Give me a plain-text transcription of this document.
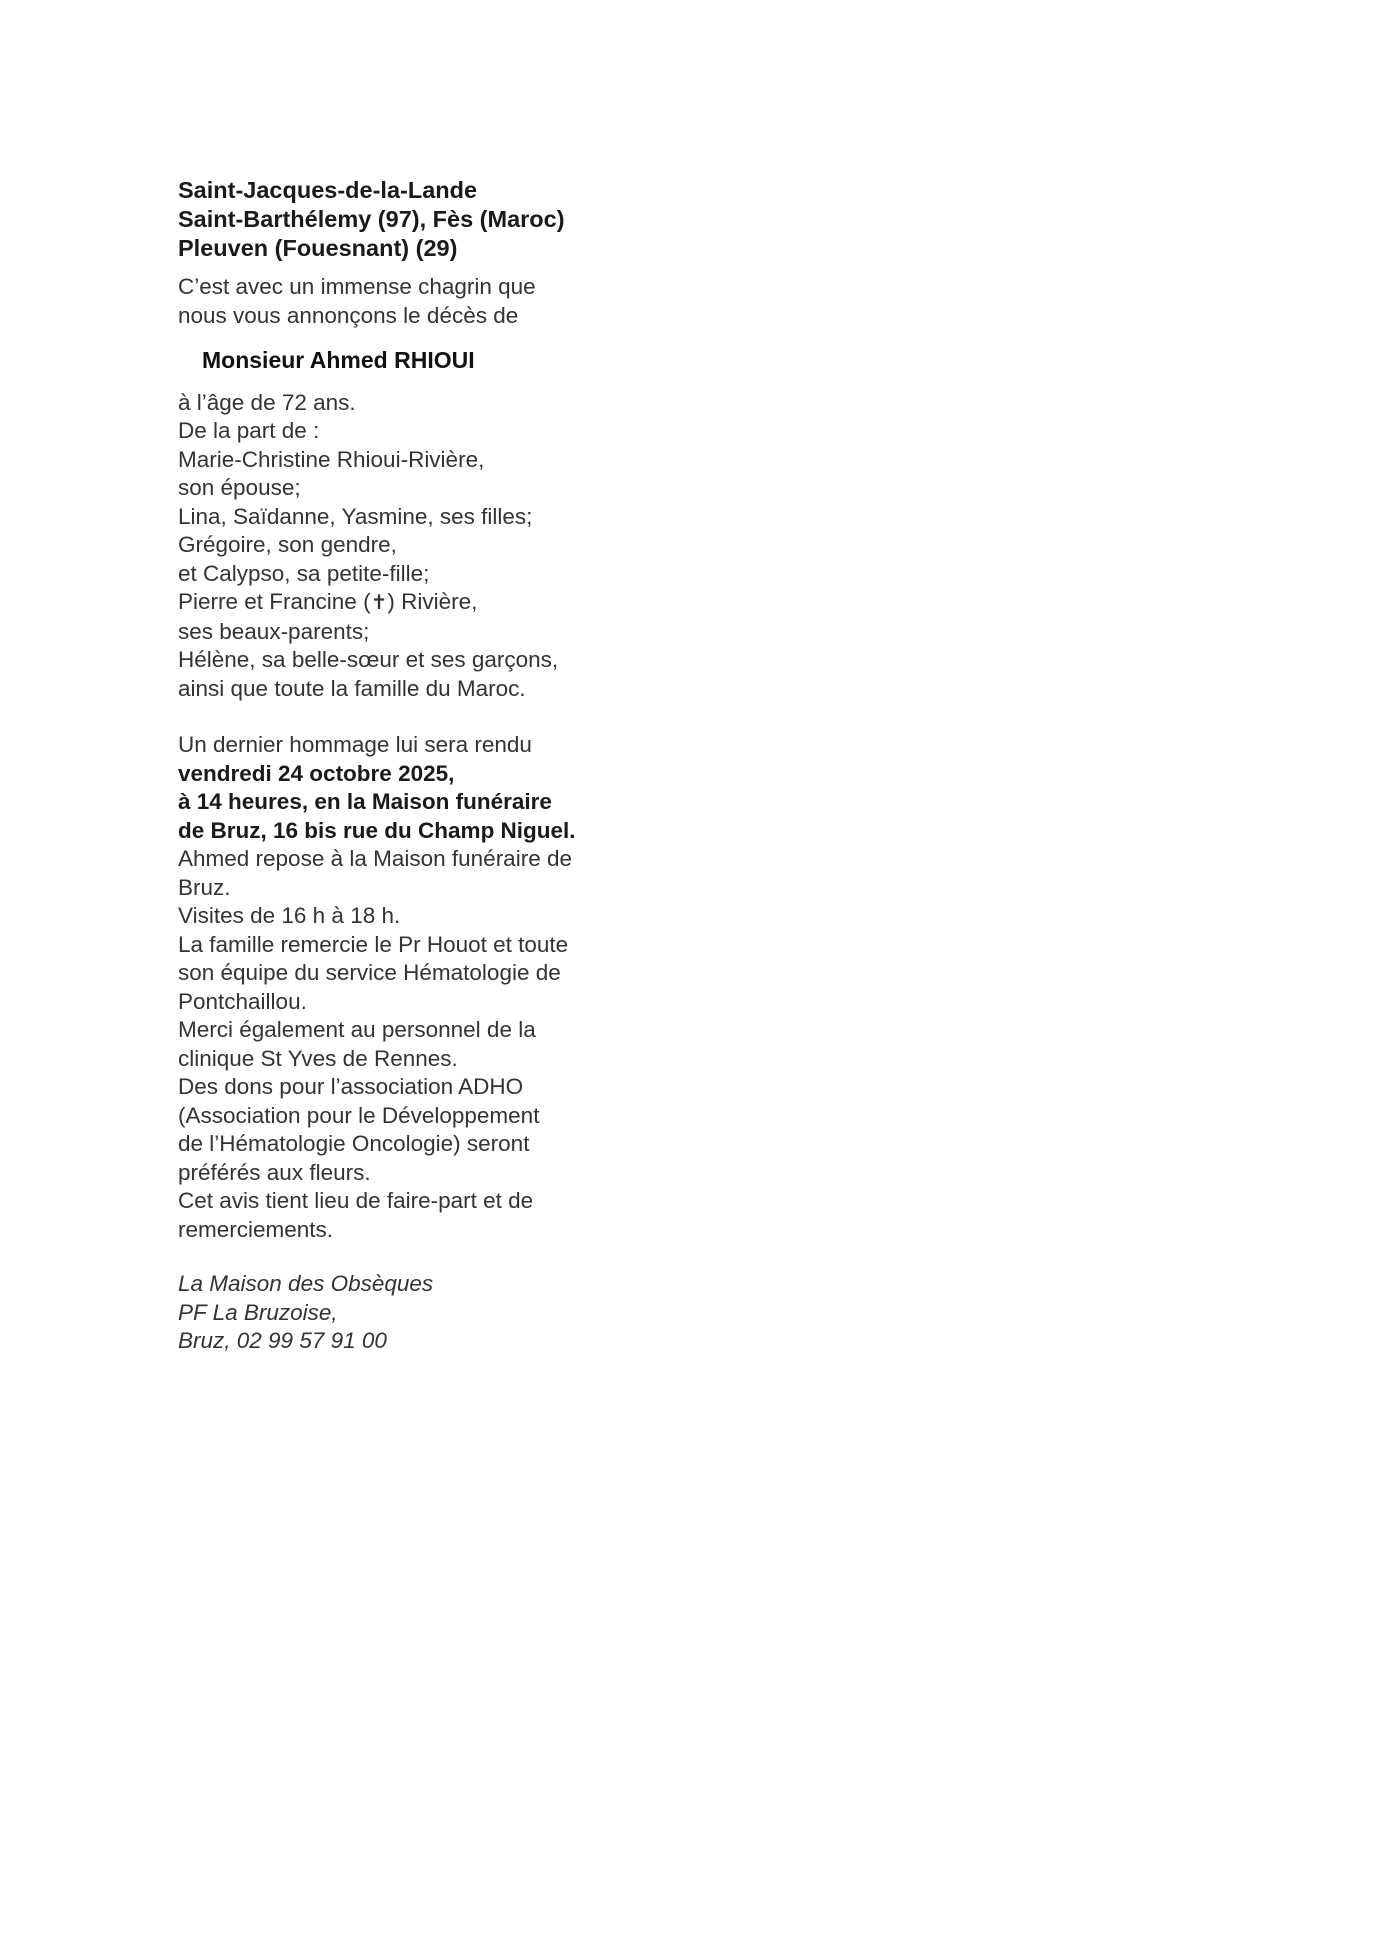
Saint-Jacques-de-la-Lande
Saint-Barthélemy (97), Fès (Maroc)
Pleuven (Fouesnant) (29)
C’est avec un immense chagrin que
nous vous annonçons le décès de
Monsieur Ahmed RHIOUI
à l’âge de 72 ans.
De la part de :
Marie-Christine Rhioui-Rivière,
son épouse;
Lina, Saïdanne, Yasmine, ses filles;
Grégoire, son gendre,
et Calypso, sa petite-fille;
Pierre et Francine (✝) Rivière,
ses beaux-parents;
Hélène, sa belle-sœur et ses garçons,
ainsi que toute la famille du Maroc.
Un dernier hommage lui sera rendu
vendredi 24 octobre 2025,
à 14 heures, en la Maison funéraire
de Bruz, 16 bis rue du Champ Niguel.
Ahmed repose à la Maison funéraire de
Bruz.
Visites de 16 h à 18 h.
La famille remercie le Pr Houot et toute
son équipe du service Hématologie de
Pontchaillou.
Merci également au personnel de la
clinique St Yves de Rennes.
Des dons pour l’association ADHO
(Association pour le Développement
de l’Hématologie Oncologie) seront
préférés aux fleurs.
Cet avis tient lieu de faire-part et de
remerciements.
La Maison des Obsèques
PF La Bruzoise,
Bruz, 02 99 57 91 00
